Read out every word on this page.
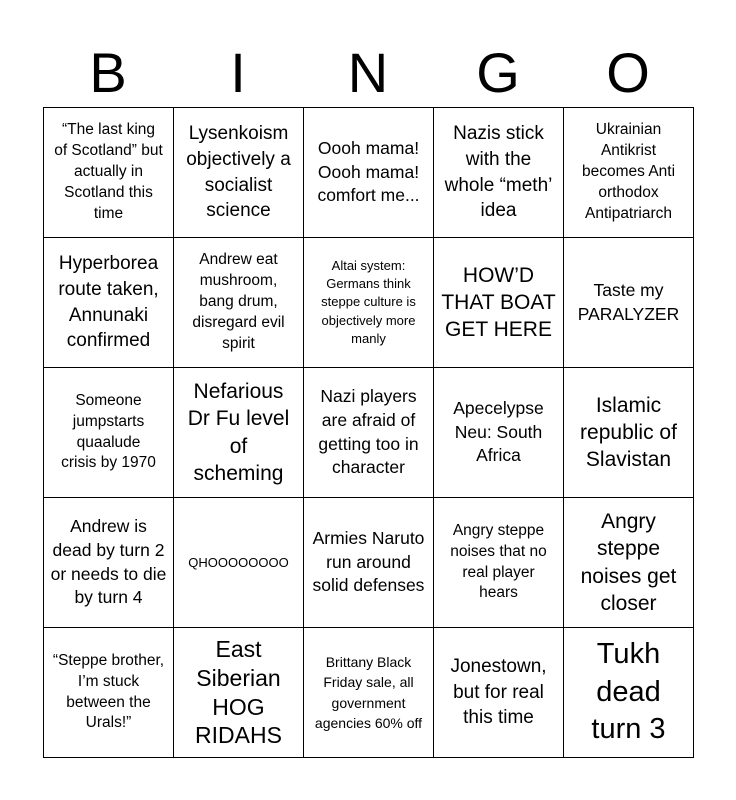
B	I	N	G	O
“The last king of Scotland” but actually in Scotland this time
Lysenkoism objectively a socialist science
Oooh mama! Oooh mama! comfort me...
Nazis stick with the whole “meth’ idea
Ukrainian Antikrist becomes Anti orthodox Antipatriarch
Hyperborea route taken, Annunaki confirmed
Andrew eat mushroom, bang drum, disregard evil spirit
Altai system: Germans think steppe culture is objectively more manly
HOW’D THAT BOAT GET HERE
Taste my PARALYZER
Someone jumpstarts quaalude crisis by 1970
Nefarious Dr Fu level of scheming
Nazi players are afraid of getting too in character
Apecelypse Neu: South Africa
Islamic republic of Slavistan
Andrew is dead by turn 2 or needs to die by turn 4
QHOOOOOOOO
Armies Naruto run around solid defenses
Angry steppe noises that no real player hears
Angry steppe noises get closer
“Steppe brother, I’m stuck between the Urals!”
East Siberian HOG RIDAHS
Brittany Black Friday sale, all government agencies 60% off
Jonestown, but for real this time
Tukh dead turn 3
